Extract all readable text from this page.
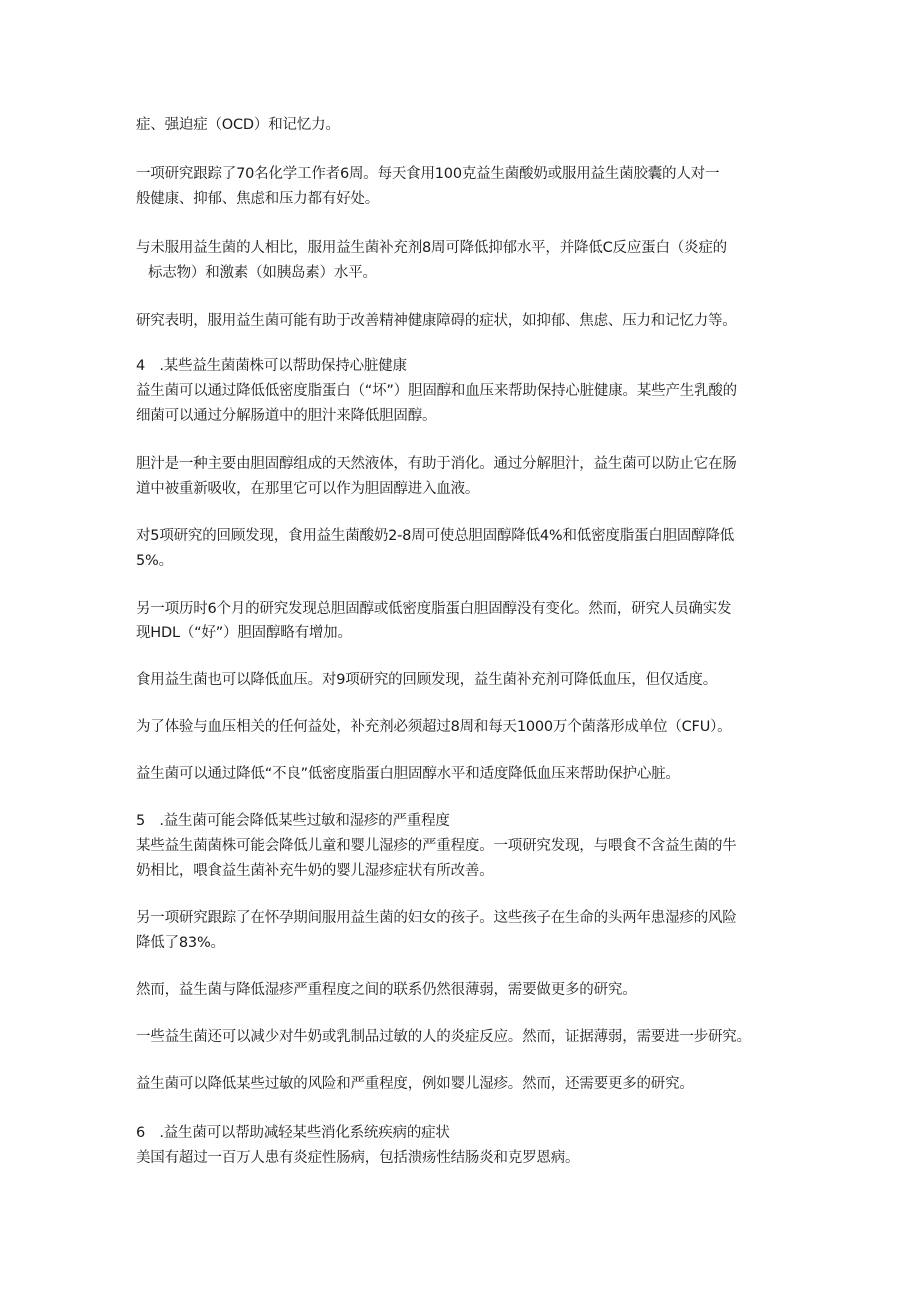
症、强迫症（OCD）和记忆力。
一项研究跟踪了70名化学工作者6周。每天食用100克益生菌酸奶或服用益生菌胶囊的人对一
般健康、抑郁、焦虑和压力都有好处。
与未服用益生菌的人相比，服用益生菌补充剂8周可降低抑郁水平，并降低C反应蛋白（炎症的
标志物）和激素（如胰岛素）水平。
研究表明，服用益生菌可能有助于改善精神健康障碍的症状，如抑郁、焦虑、压力和记忆力等。
4　.某些益生菌菌株可以帮助保持心脏健康
益生菌可以通过降低低密度脂蛋白（“坏”）胆固醇和血压来帮助保持心脏健康。某些产生乳酸的
细菌可以通过分解肠道中的胆汁来降低胆固醇。
胆汁是一种主要由胆固醇组成的天然液体，有助于消化。通过分解胆汁，益生菌可以防止它在肠
道中被重新吸收，在那里它可以作为胆固醇进入血液。
对5项研究的回顾发现，食用益生菌酸奶2-8周可使总胆固醇降低4%和低密度脂蛋白胆固醇降低
5%。
另一项历时6个月的研究发现总胆固醇或低密度脂蛋白胆固醇没有变化。然而，研究人员确实发
现HDL（“好”）胆固醇略有增加。
食用益生菌也可以降低血压。对9项研究的回顾发现，益生菌补充剂可降低血压，但仅适度。
为了体验与血压相关的任何益处，补充剂必须超过8周和每天1000万个菌落形成单位（CFU）。
益生菌可以通过降低“不良”低密度脂蛋白胆固醇水平和适度降低血压来帮助保护心脏。
5　.益生菌可能会降低某些过敏和湿疹的严重程度
某些益生菌菌株可能会降低儿童和婴儿湿疹的严重程度。一项研究发现，与喂食不含益生菌的牛
奶相比，喂食益生菌补充牛奶的婴儿湿疹症状有所改善。
另一项研究跟踪了在怀孕期间服用益生菌的妇女的孩子。这些孩子在生命的头两年患湿疹的风险
降低了83%。
然而，益生菌与降低湿疹严重程度之间的联系仍然很薄弱，需要做更多的研究。
一些益生菌还可以减少对牛奶或乳制品过敏的人的炎症反应。然而，证据薄弱，需要进一步研究。
益生菌可以降低某些过敏的风险和严重程度，例如婴儿湿疹。然而，还需要更多的研究。
6　.益生菌可以帮助减轻某些消化系统疾病的症状
美国有超过一百万人患有炎症性肠病，包括溃疡性结肠炎和克罗恩病。
